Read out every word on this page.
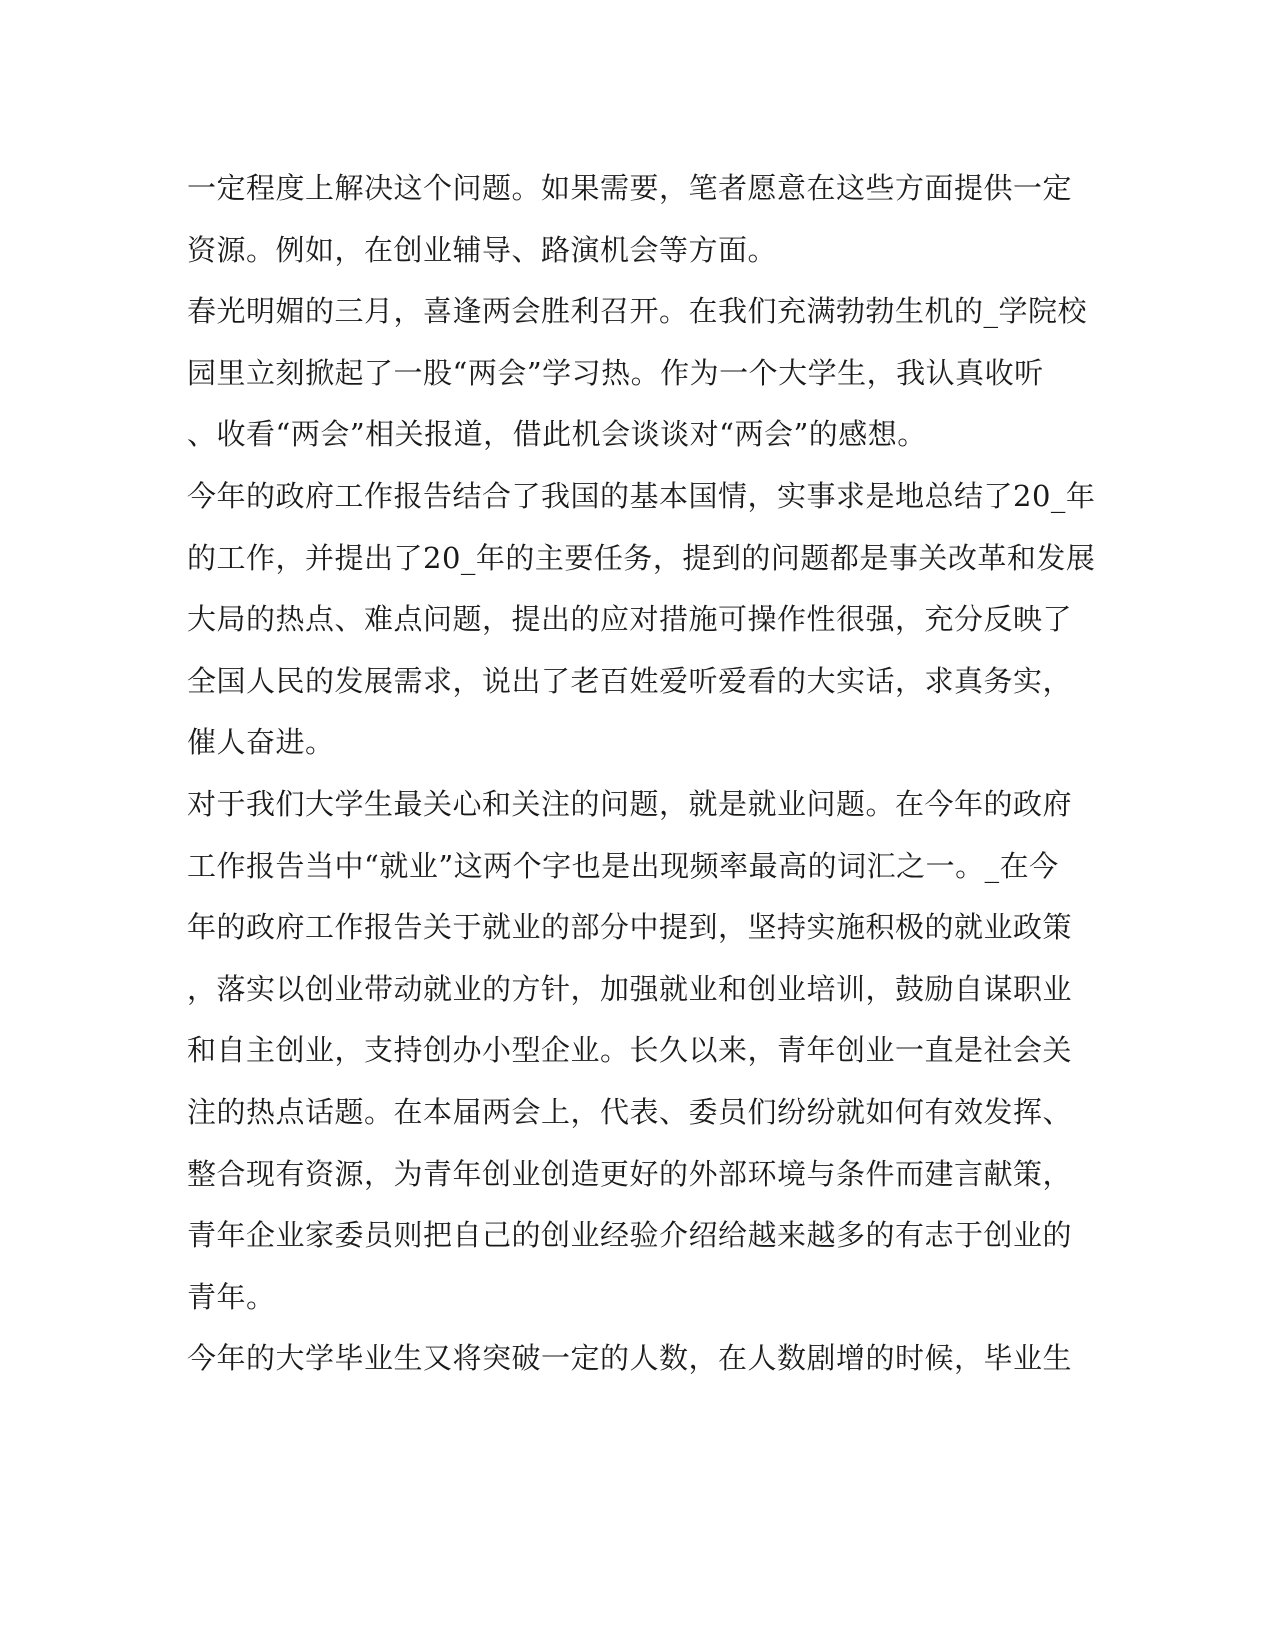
一定程度上解决这个问题。如果需要，笔者愿意在这些方面提供一定
资源。例如，在创业辅导、路演机会等方面。
春光明媚的三月，喜逢两会胜利召开。在我们充满勃勃生机的_学院校
园里立刻掀起了一股“两会”学习热。作为一个大学生，我认真收听
、收看“两会”相关报道，借此机会谈谈对“两会”的感想。
今年的政府工作报告结合了我国的基本国情，实事求是地总结了20_年
的工作，并提出了20_年的主要任务，提到的问题都是事关改革和发展
大局的热点、难点问题，提出的应对措施可操作性很强，充分反映了
全国人民的发展需求，说出了老百姓爱听爱看的大实话，求真务实，
催人奋进。
对于我们大学生最关心和关注的问题，就是就业问题。在今年的政府
工作报告当中“就业”这两个字也是出现频率最高的词汇之一。_在今
年的政府工作报告关于就业的部分中提到，坚持实施积极的就业政策
，落实以创业带动就业的方针，加强就业和创业培训，鼓励自谋职业
和自主创业，支持创办小型企业。长久以来，青年创业一直是社会关
注的热点话题。在本届两会上，代表、委员们纷纷就如何有效发挥、
整合现有资源，为青年创业创造更好的外部环境与条件而建言献策，
青年企业家委员则把自己的创业经验介绍给越来越多的有志于创业的
青年。
今年的大学毕业生又将突破一定的人数，在人数剧增的时候，毕业生
